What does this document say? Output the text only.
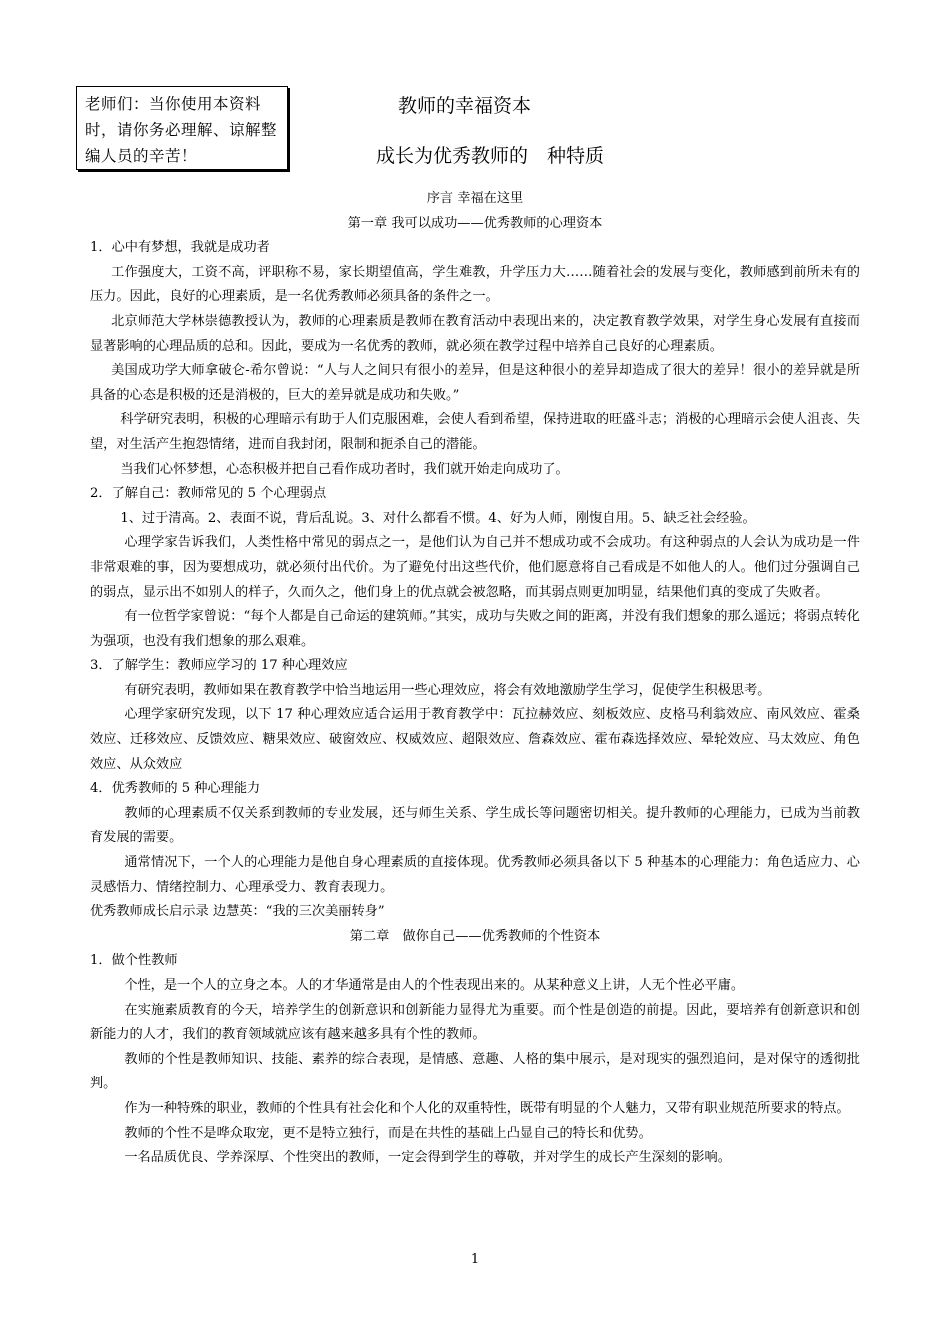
老师们：当你使用本资料时，请你务必理解、谅解整编人员的辛苦！
教师的幸福资本
成长为优秀教师的　种特质

序言 幸福在这里

第一章 我可以成功——优秀教师的心理资本

1．心中有梦想，我就是成功者

工作强度大，工资不高，评职称不易，家长期望值高，学生难教，升学压力大……随着社会的发展与变化，教师感到前所未有的压力。因此，良好的心理素质，是一名优秀教师必须具备的条件之一。

北京师范大学林崇德教授认为，教师的心理素质是教师在教育活动中表现出来的，决定教育教学效果，对学生身心发展有直接而显著影响的心理品质的总和。因此，要成为一名优秀的教师，就必须在教学过程中培养自己良好的心理素质。

美国成功学大师拿破仑-希尔曾说：“人与人之间只有很小的差异，但是这种很小的差异却造成了很大的差异！很小的差异就是所具备的心态是积极的还是消极的，巨大的差异就是成功和失败。”

科学研究表明，积极的心理暗示有助于人们克服困难，会使人看到希望，保持进取的旺盛斗志；消极的心理暗示会使人沮丧、失望，对生活产生抱怨情绪，进而自我封闭，限制和扼杀自己的潜能。

当我们心怀梦想，心态积极并把自己看作成功者时，我们就开始走向成功了。

2．了解自己：教师常见的 5 个心理弱点

1、过于清高。2、表面不说，背后乱说。3、对什么都看不惯。4、好为人师，刚愎自用。5、缺乏社会经验。

心理学家告诉我们，人类性格中常见的弱点之一，是他们认为自己并不想成功或不会成功。有这种弱点的人会认为成功是一件非常艰难的事，因为要想成功，就必须付出代价。为了避免付出这些代价，他们愿意将自己看成是不如他人的人。他们过分强调自己的弱点，显示出不如别人的样子，久而久之，他们身上的优点就会被忽略，而其弱点则更加明显，结果他们真的变成了失败者。

有一位哲学家曾说：“每个人都是自己命运的建筑师。”其实，成功与失败之间的距离，并没有我们想象的那么遥远；将弱点转化为强项，也没有我们想象的那么艰难。

3．了解学生：教师应学习的 17 种心理效应

有研究表明，教师如果在教育教学中恰当地运用一些心理效应，将会有效地激励学生学习，促使学生积极思考。

心理学家研究发现，以下 17 种心理效应适合运用于教育教学中：瓦拉赫效应、刻板效应、皮格马利翁效应、南风效应、霍桑效应、迁移效应、反馈效应、糖果效应、破窗效应、权威效应、超限效应、詹森效应、霍布森选择效应、晕轮效应、马太效应、角色效应、从众效应

4．优秀教师的 5 种心理能力

教师的心理素质不仅关系到教师的专业发展，还与师生关系、学生成长等问题密切相关。提升教师的心理能力，已成为当前教育发展的需要。

通常情况下，一个人的心理能力是他自身心理素质的直接体现。优秀教师必须具备以下 5 种基本的心理能力：角色适应力、心灵感悟力、情绪控制力、心理承受力、教育表现力。

优秀教师成长启示录 边慧英：“我的三次美丽转身”

第二章　做你自己——优秀教师的个性资本

1．做个性教师

个性，是一个人的立身之本。人的才华通常是由人的个性表现出来的。从某种意义上讲，人无个性必平庸。

在实施素质教育的今天，培养学生的创新意识和创新能力显得尤为重要。而个性是创造的前提。因此，要培养有创新意识和创新能力的人才，我们的教育领域就应该有越来越多具有个性的教师。

教师的个性是教师知识、技能、素养的综合表现，是情感、意趣、人格的集中展示，是对现实的强烈追问，是对保守的透彻批判。

作为一种特殊的职业，教师的个性具有社会化和个人化的双重特性，既带有明显的个人魅力，又带有职业规范所要求的特点。

教师的个性不是哗众取宠，更不是特立独行，而是在共性的基础上凸显自己的特长和优势。

一名品质优良、学养深厚、个性突出的教师，一定会得到学生的尊敬，并对学生的成长产生深刻的影响。

1
